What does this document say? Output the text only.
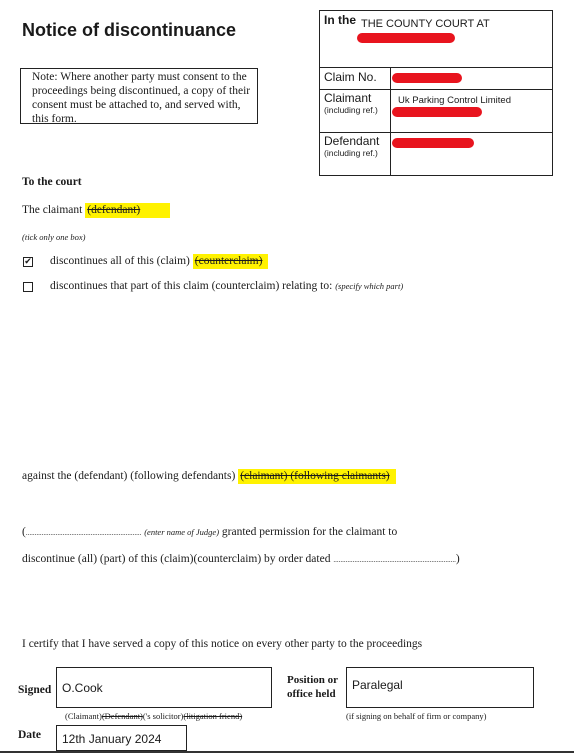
Notice of discontinuance
Note: Where another party must consent to the proceedings being discontinued, a copy of their consent must be attached to, and served with, this form.
In the THE COUNTY COURT AT
Claim No.
Claimant
(including ref.)
Uk Parking Control Limited
Defendant
(including ref.)
To the court
The claimant (defendant)
(tick only one box)
✔ discontinues all of this (claim) (counterclaim)
discontinues that part of this claim (counterclaim) relating to: (specify which part)
against the (defendant) (following defendants) (claimant) (following claimants)
(.................................................................. (enter name of Judge) granted permission for the claimant to
discontinue (all) (part) of this (claim)(counterclaim) by order dated ......................................................................)
I certify that I have served a copy of this notice on every other party to the proceedings
Signed O.Cook
(Claimant)(Defendant)('s solicitor)(litigation friend)
Position or
office held
Paralegal
(if signing on behalf of firm or company)
Date	12th January 2024
